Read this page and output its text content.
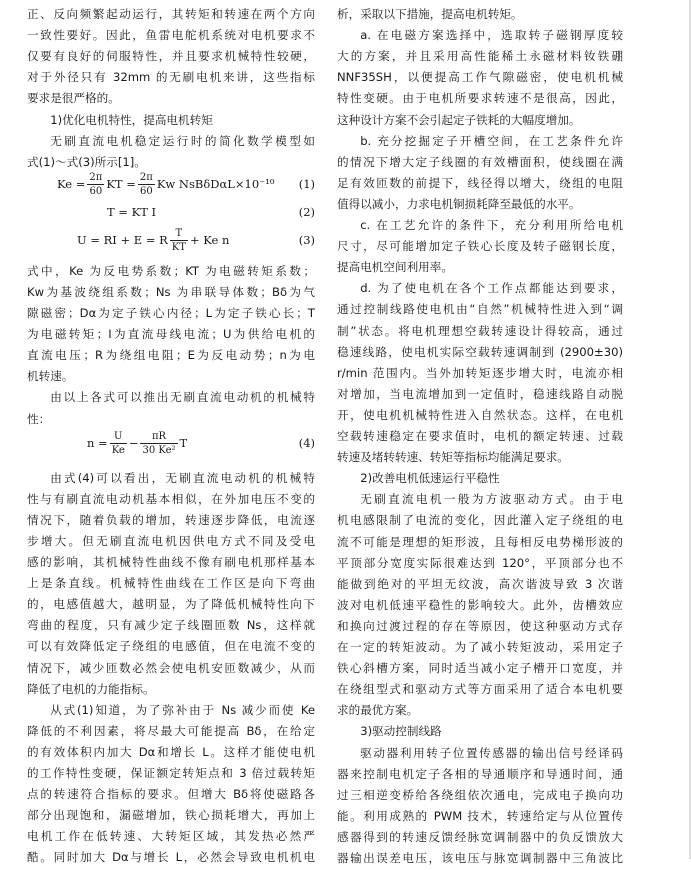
正、反向频繁起动运行，其转矩和转速在两个方向
一致性要好。因此，鱼雷电舵机系统对电机要求不
仅要有良好的伺服特性，并且要求机械特性较硬，
对于外径只有 32mm 的无刷电机来讲，这些指标
要求是很严格的。
1)优化电机特性，提高电机转矩
无刷直流电机稳定运行时的简化数学模型如
式(1)～式(3)所示[1]。
$Ke = \frac{2\pi}{60}$ KT = $\frac{2\pi}{60}$ Kw NsBδDαL×10⁻¹⁰ (1)
T = KT I	(2)
U = RI + E = R $\frac{T}{KT} + Ke$ n	(3)
式中，Ke 为反电势系数；KT 为电磁转矩系数；
Kw为基波绕组系数；Ns 为串联导体数；Bδ为气
隙磁密；Dα为定子铁心内径；L为定子铁心长；T
为电磁转矩；I为直流母线电流；U为供给电机的
直流电压；R为绕组电阻；E为反电动势；n为电
机转速。
由以上各式可以推出无刷直流电动机的机械特
性：
$n = \frac{U}{Ke} - \frac{\pi R}{\text{30 Ke²}}$ T	(4)
由式(4)可以看出，无刷直流电动机的机械特
性与有刷直流电动机基本相似，在外加电压不变的
情况下，随着负载的增加，转速逐步降低，电流逐
步增大。但无刷直流电机因供电方式不同及受电
感的影响，其机械特性曲线不像有刷电机那样基本
上是条直线。机械特性曲线在工作区是向下弯曲
的，电感值越大，越明显，为了降低机械特性向下
弯曲的程度，只有减少定子线圈匝数 Ns，这样就
可以有效降低定子绕组的电感值，但在电流不变的
情况下，减少匝数必然会使电机安匝数减少，从而
降低了电机的力能指标。
从式(1)知道，为了弥补由于 Ns 减少而使 Ke
降低的不利因素，将尽最大可能提高 Bδ，在给定
的有效体积内加大 Dα和增长 L。这样才能使电机
的工作特性变硬，保证额定转矩点和 3 倍过载转矩
点的转速符合指标的要求。但增大 Bδ将使磁路各
部分出现饱和，漏磁增加，铁心损耗增大，再加上
电机工作在低转速、大转矩区域，其发热必然严
酷。同时加大 Dα与增长 L，必然会导致电机机电
析，采取以下措施，提高电机转矩。
a. 在电磁方案选择中，选取转子磁钢厚度较
大的方案，并且采用高性能稀土永磁材料钕铁硼
NNF35SH，以便提高工作气隙磁密，使电机机械
特性变硬。由于电机所要求转速不是很高，因此，
这种设计方案不会引起定子铁耗的大幅度增加。
b. 充分挖掘定子开槽空间，在工艺条件允许
的情况下增大定子线圈的有效槽面积，使线圈在满
足有效匝数的前提下，线径得以增大，绕组的电阻
值得以减小，力求电机铜损耗降至最低的水平。
c. 在工艺允许的条件下，充分利用所给电机
尺寸，尽可能增加定子铁心长度及转子磁钢长度，
提高电机空间利用率。
d. 为了使电机在各个工作点都能达到要求，
通过控制线路使电机由“自然”机械特性进入到“调
制”状态。将电机理想空载转速设计得较高，通过
稳速线路，使电机实际空载转速调制到 (2900±30)
r/min 范围内。当外加转矩逐步增大时，电流亦相
对增加，当电流增加到一定值时，稳速线路自动脱
开，使电机机械特性进入自然状态。这样，在电机
空载转速稳定在要求值时，电机的额定转速、过载
转速及堵转转速、转矩等指标均能满足要求。
2)改善电机低速运行平稳性
无刷直流电机一般为方波驱动方式。由于电
机电感限制了电流的变化，因此灌入定子绕组的电
流不可能是理想的矩形波，且每相反电势梯形波的
平顶部分宽度实际很难达到 120°，平顶部分也不
能做到绝对的平坦无纹波，高次谐波导致 3 次谐
波对电机低速平稳性的影响较大。此外，齿槽效应
和换向过渡过程的存在等原因，使这种驱动方式存
在一定的转矩波动。为了减小转矩波动，采用定子
铁心斜槽方案，同时适当减小定子槽开口宽度，并
在绕组型式和驱动方式等方面采用了适合本电机要
求的最优方案。
3)驱动控制线路
驱动器利用转子位置传感器的输出信号经译码
器来控制电机定子各相的导通顺序和导通时间，通
过三相逆变桥给各绕组依次通电，完成电子换向功
能。利用成熟的 PWM 技术，转速给定与从位置传
感器得到的转速反馈经脉宽调制器中的负反馈放大
器输出误差电压，该电压与脉宽调制器中三角波比
